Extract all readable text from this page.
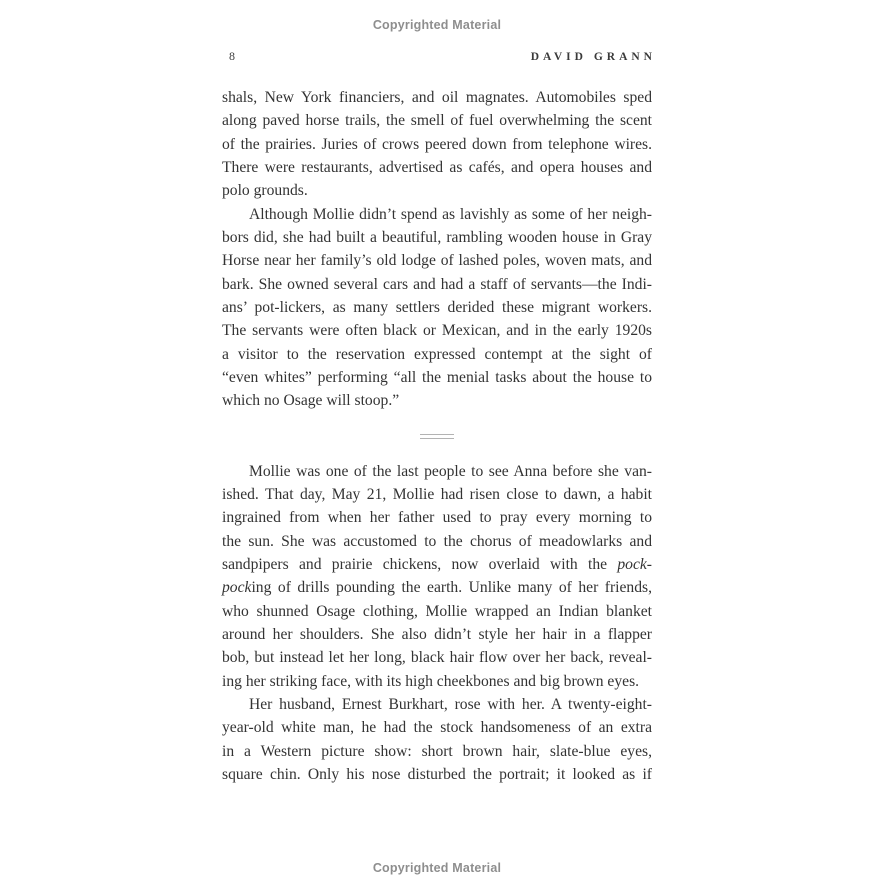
Copyrighted Material
8	DAVID GRANN
shals, New York financiers, and oil magnates. Automobiles sped
along paved horse trails, the smell of fuel overwhelming the scent
of the prairies. Juries of crows peered down from telephone wires.
There were restaurants, advertised as cafés, and opera houses and
polo grounds.
Although Mollie didn’t spend as lavishly as some of her neigh-
bors did, she had built a beautiful, rambling wooden house in Gray
Horse near her family’s old lodge of lashed poles, woven mats, and
bark. She owned several cars and had a staff of servants—the Indi-
ans’ pot-lickers, as many settlers derided these migrant workers.
The servants were often black or Mexican, and in the early 1920s
a visitor to the reservation expressed contempt at the sight of
“even whites” performing “all the menial tasks about the house to
which no Osage will stoop.”
Mollie was one of the last people to see Anna before she van-
ished. That day, May 21, Mollie had risen close to dawn, a habit
ingrained from when her father used to pray every morning to
the sun. She was accustomed to the chorus of meadowlarks and
sandpipers and prairie chickens, now overlaid with the pock-
pocking of drills pounding the earth. Unlike many of her friends,
who shunned Osage clothing, Mollie wrapped an Indian blanket
around her shoulders. She also didn’t style her hair in a flapper
bob, but instead let her long, black hair flow over her back, reveal-
ing her striking face, with its high cheekbones and big brown eyes.
Her husband, Ernest Burkhart, rose with her. A twenty-eight-
year-old white man, he had the stock handsomeness of an extra
in a Western picture show: short brown hair, slate-blue eyes,
square chin. Only his nose disturbed the portrait; it looked as if
Copyrighted Material
